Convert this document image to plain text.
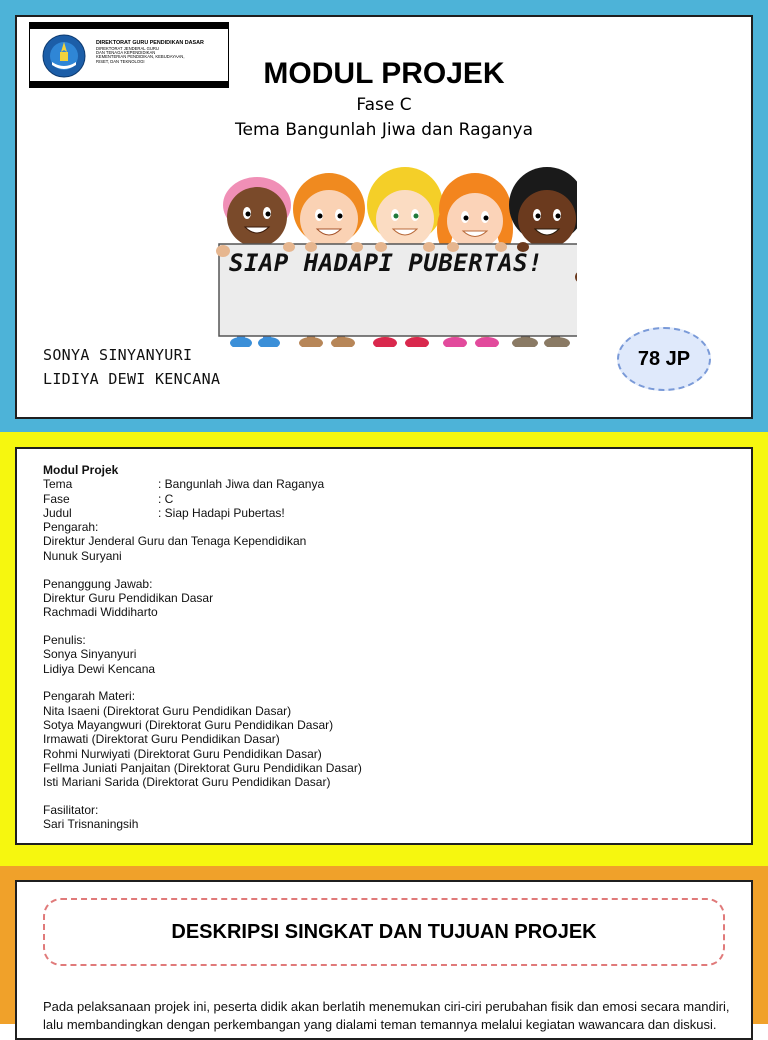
DIREKTORAT GURU PENDIDIKAN DASAR
DIREKTORAT JENDERAL GURU
DAN TENAGA KEPENDIDIKAN
KEMENTERIAN PENDIDIKAN, KEBUDAYAAN,
RISET, DAN TEKNOLOGI	MODUL PROJEK

Fase C

Tema Bangunlah Jiwa dan Raganya

SIAP HADAPI PUBERTAS!
SONYA SINYANYURI
LIDIYA DEWI KENCANA
78 JP
Modul Projek
Tema	: Bangunlah Jiwa dan Raganya
Fase	: C
Judul	: Siap Hadapi Pubertas!
Pengarah:
Direktur Jenderal Guru dan Tenaga Kependidikan
Nunuk Suryani
Penanggung Jawab:
Direktur Guru Pendidikan Dasar
Rachmadi Widdiharto
Penulis:
Sonya Sinyanyuri
Lidiya Dewi Kencana
Pengarah Materi:
Nita Isaeni (Direktorat Guru Pendidikan Dasar)
Sotya Mayangwuri (Direktorat Guru Pendidikan Dasar)
Irmawati (Direktorat Guru Pendidikan Dasar)
Rohmi Nurwiyati (Direktorat Guru Pendidikan Dasar)
Fellma Juniati Panjaitan (Direktorat Guru Pendidikan Dasar)
Isti Mariani Sarida (Direktorat Guru Pendidikan Dasar)
Fasilitator:
Sari Trisnaningsih
DESKRIPSI SINGKAT DAN TUJUAN PROJEK

Pada pelaksanaan projek ini, peserta didik akan berlatih menemukan ciri-ciri perubahan fisik dan emosi secara mandiri, lalu membandingkan dengan perkembangan yang dialami teman temannya melalui kegiatan wawancara dan diskusi.
